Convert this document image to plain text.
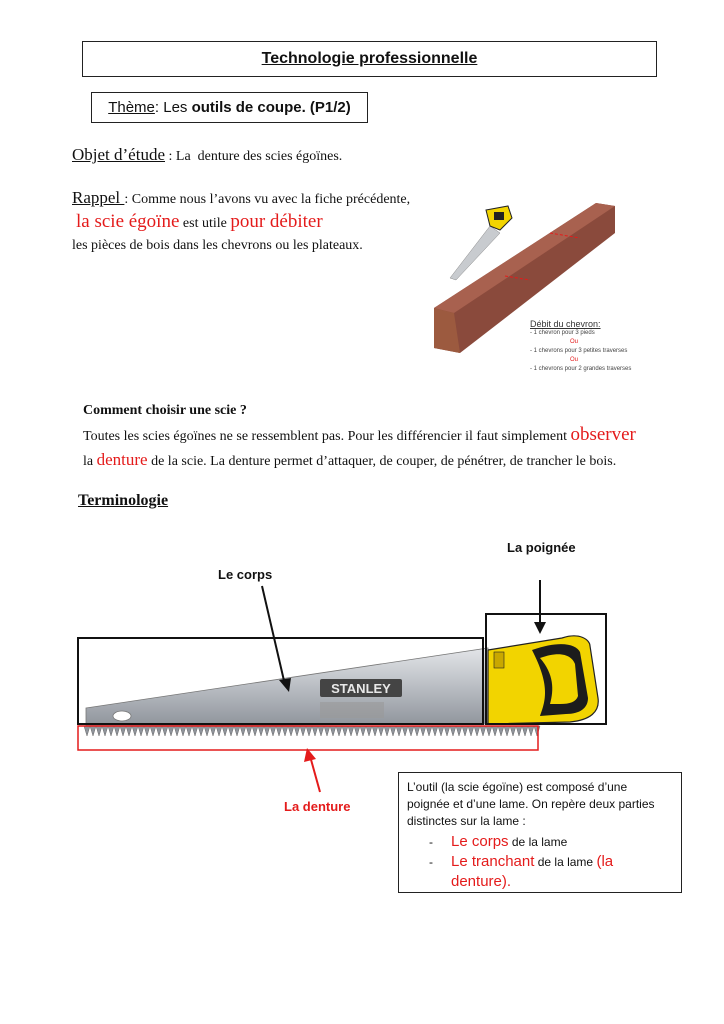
Technologie professionnelle
Thème : Les outils de coupe. (P1/2)
Objet d’étude : La  denture des scies égoïnes.
Rappel : Comme nous l’avons vu avec la fiche précédente,
la scie égoïne est utile pour débiter
les pièces de bois dans les chevrons ou les plateaux.
Débit du chevron:
- 1 chevron pour 3 pieds
Ou
- 1 chevrons pour 3 petites traverses
Ou
- 1 chevrons pour 2 grandes traverses
Comment choisir une scie ?
Toutes les scies égoïnes ne se ressemblent pas. Pour les différencier il faut simplement observer
la denture de la scie. La denture permet d’attaquer, de couper, de pénétrer, de trancher le bois.
Terminologie
Le corps
La poignée
La denture
STANLEY
L’outil (la scie égoïne) est composé d’une poignée et d’une lame. On repère deux parties distinctes sur la lame :
- Le corps de la lame
- Le tranchant de la lame (la denture).
